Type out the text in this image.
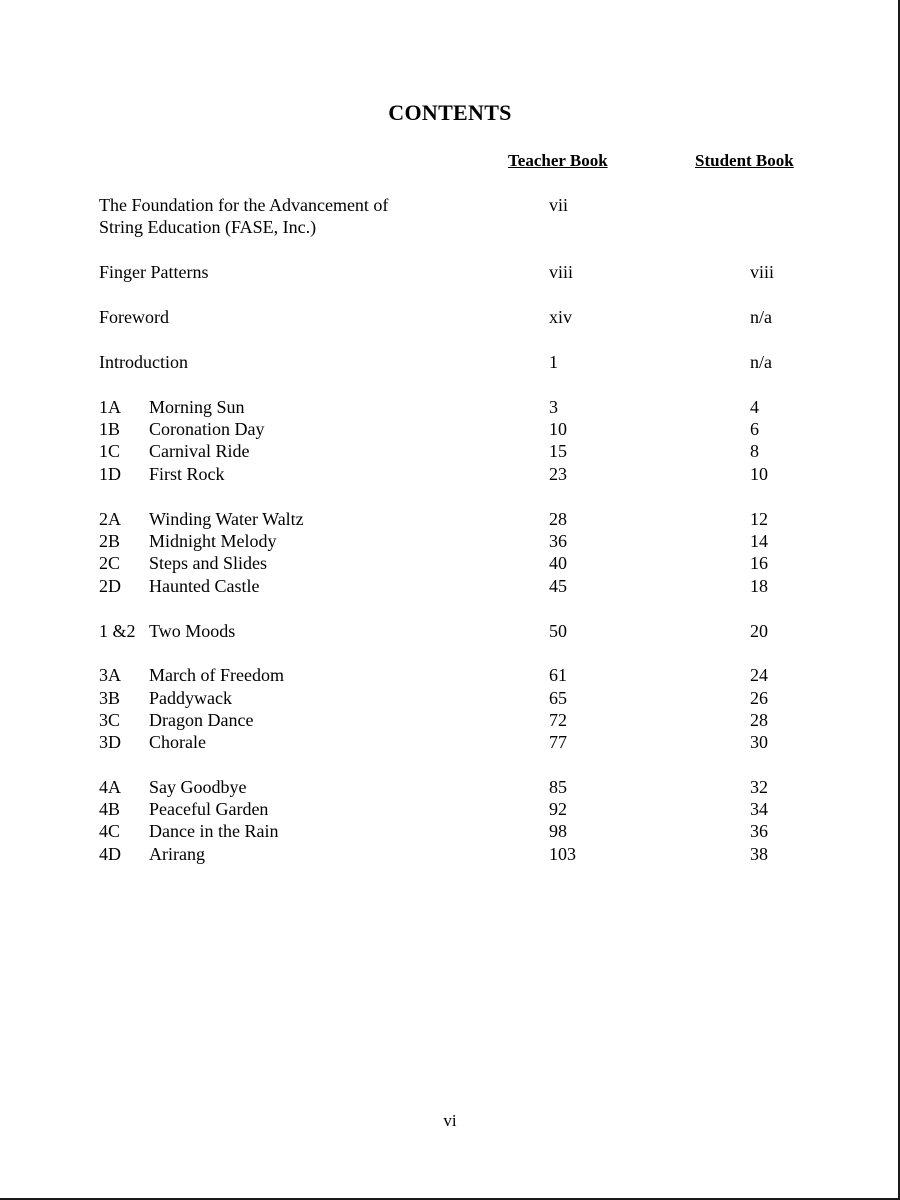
CONTENTS
Teacher Book	Student Book
The Foundation for the Advancement of
String Education (FASE, Inc.)
vii
Finger Patterns	viii	viii
Foreword	xiv	n/a
Introduction	1	n/a
1A Morning Sun	3	4
1B Coronation Day	10	6
1C Carnival Ride	15	8
1D First Rock	23	10
2A Winding Water Waltz	28	12
2B Midnight Melody	36	14
2C Steps and Slides	40	16
2D Haunted Castle	45	18
1 &2 Two Moods	50	20
3A March of Freedom	61	24
3B Paddywack	65	26
3C Dragon Dance	72	28
3D Chorale	77	30
4A Say Goodbye	85	32
4B Peaceful Garden	92	34
4C Dance in the Rain	98	36
4D Arirang	103	38
vi
